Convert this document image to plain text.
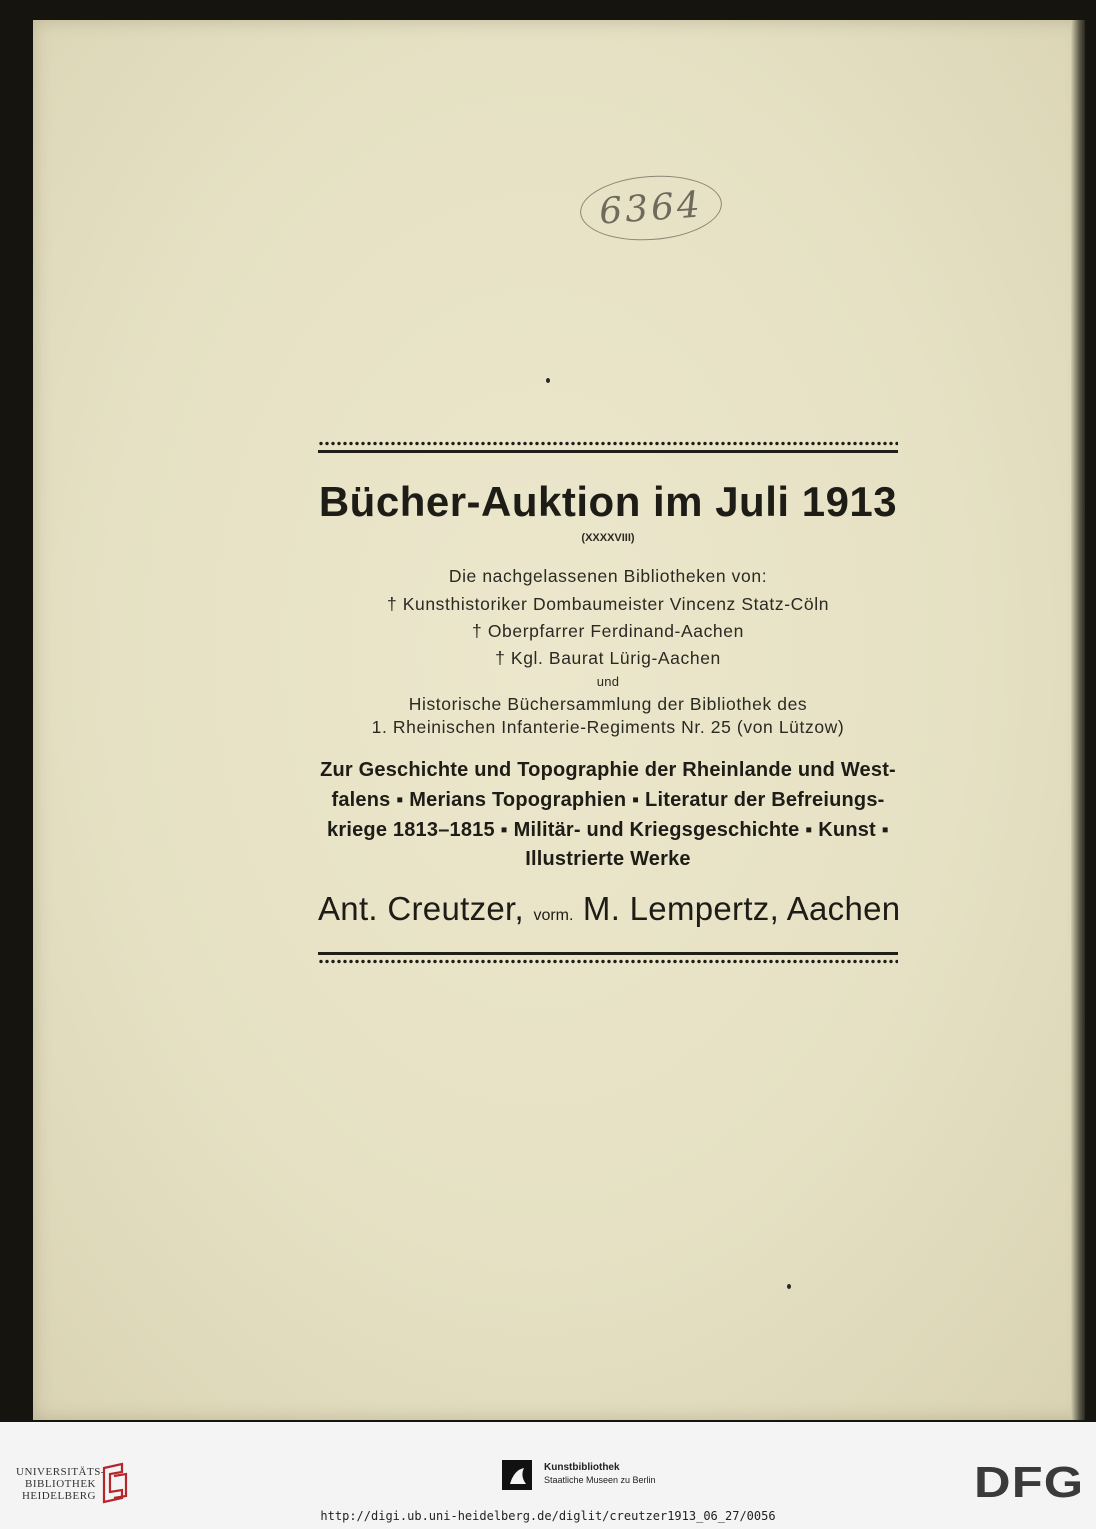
6364
Bücher-Auktion im Juli 1913
(XXXXVIII)
Die nachgelassenen Bibliotheken von:
† Kunsthistoriker Dombaumeister Vincenz Statz-Cöln
† Oberpfarrer Ferdinand-Aachen
† Kgl. Baurat Lürig-Aachen
und
Historische Büchersammlung der Bibliothek des
1. Rheinischen Infanterie-Regiments Nr. 25 (von Lützow)
Zur Geschichte und Topographie der Rheinlande und West-
falens ▪ Merians Topographien ▪ Literatur der Befreiungs-
kriege 1813–1815 ▪ Militär- und Kriegsgeschichte ▪ Kunst ▪
Illustrierte Werke
Ant. Creutzer, vorm. M. Lempertz, Aachen
UNIVERSITÄTS-
BIBLIOTHEK
HEIDELBERG
Kunstbibliothek
Staatliche Museen zu Berlin	DFG
http://digi.ub.uni-heidelberg.de/diglit/creutzer1913_06_27/0056
